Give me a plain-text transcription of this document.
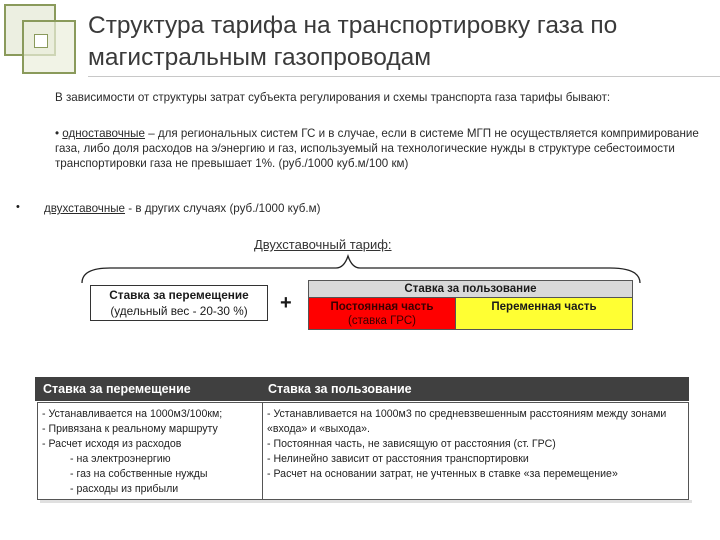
Структура тарифа на транспортировку газа по магистральным газопроводам
В зависимости от структуры затрат субъекта регулирования и схемы транспорта газа тарифы бывают:
• одноставочные – для региональных систем ГС и в случае, если в системе МГП не осуществляется компримирование газа, либо доля расходов на э/энергию и газ, используемый на технологические нужды в структуре себестоимости транспортировки газа не превышает 1%. (руб./1000 куб.м/100 км)
• двухставочные - в других случаях (руб./1000 куб.м)
Двухставочный тариф:
Ставка за перемещение
(удельный вес - 20-30 %)	+
Ставка за пользование
Постоянная часть
(ставка ГРС)
Переменная часть
Ставка за перемещение	Ставка за пользование
- Устанавливается на 1000м3/100км;
- Привязана к реальному маршруту
- Расчет исходя из расходов
- на электроэнергию
- газ на собственные нужды
- расходы из прибыли
- Устанавливается на 1000м3 по средневзвешенным расстояниям между зонами «входа» и «выхода».
- Постоянная часть, не зависящую от расстояния (ст. ГРС)
- Нелинейно зависит от расстояния транспортировки
- Расчет на основании затрат, не учтенных в ставке «за перемещение»
